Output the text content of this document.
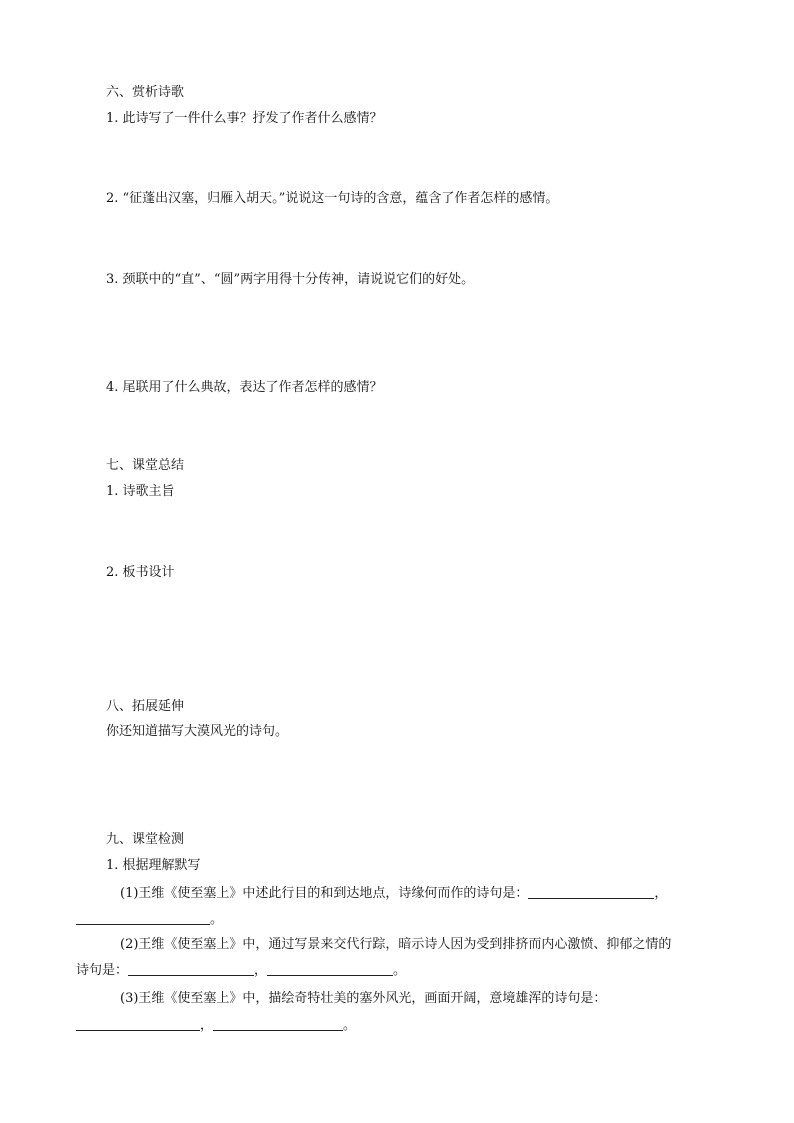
六、赏析诗歌
1. 此诗写了一件什么事？抒发了作者什么感情？
2. “征蓬出汉塞，归雁入胡天。”说说这一句诗的含意，蕴含了作者怎样的感情。
3. 颈联中的“直”、“圆”两字用得十分传神，请说说它们的好处。
4. 尾联用了什么典故，表达了作者怎样的感情？
七、课堂总结
1. 诗歌主旨
2. 板书设计
八、拓展延伸
你还知道描写大漠风光的诗句。
九、课堂检测
1. 根据理解默写
(1)王维《使至塞上》中述此行目的和到达地点，诗缘何而作的诗句是：	，
。
(2)王维《使至塞上》中，通过写景来交代行踪，暗示诗人因为受到排挤而内心激愤、抑郁之情的
诗句是：	，	。
(3)王维《使至塞上》中，描绘奇特壮美的塞外风光，画面开阔，意境雄浑的诗句是：
，	。
